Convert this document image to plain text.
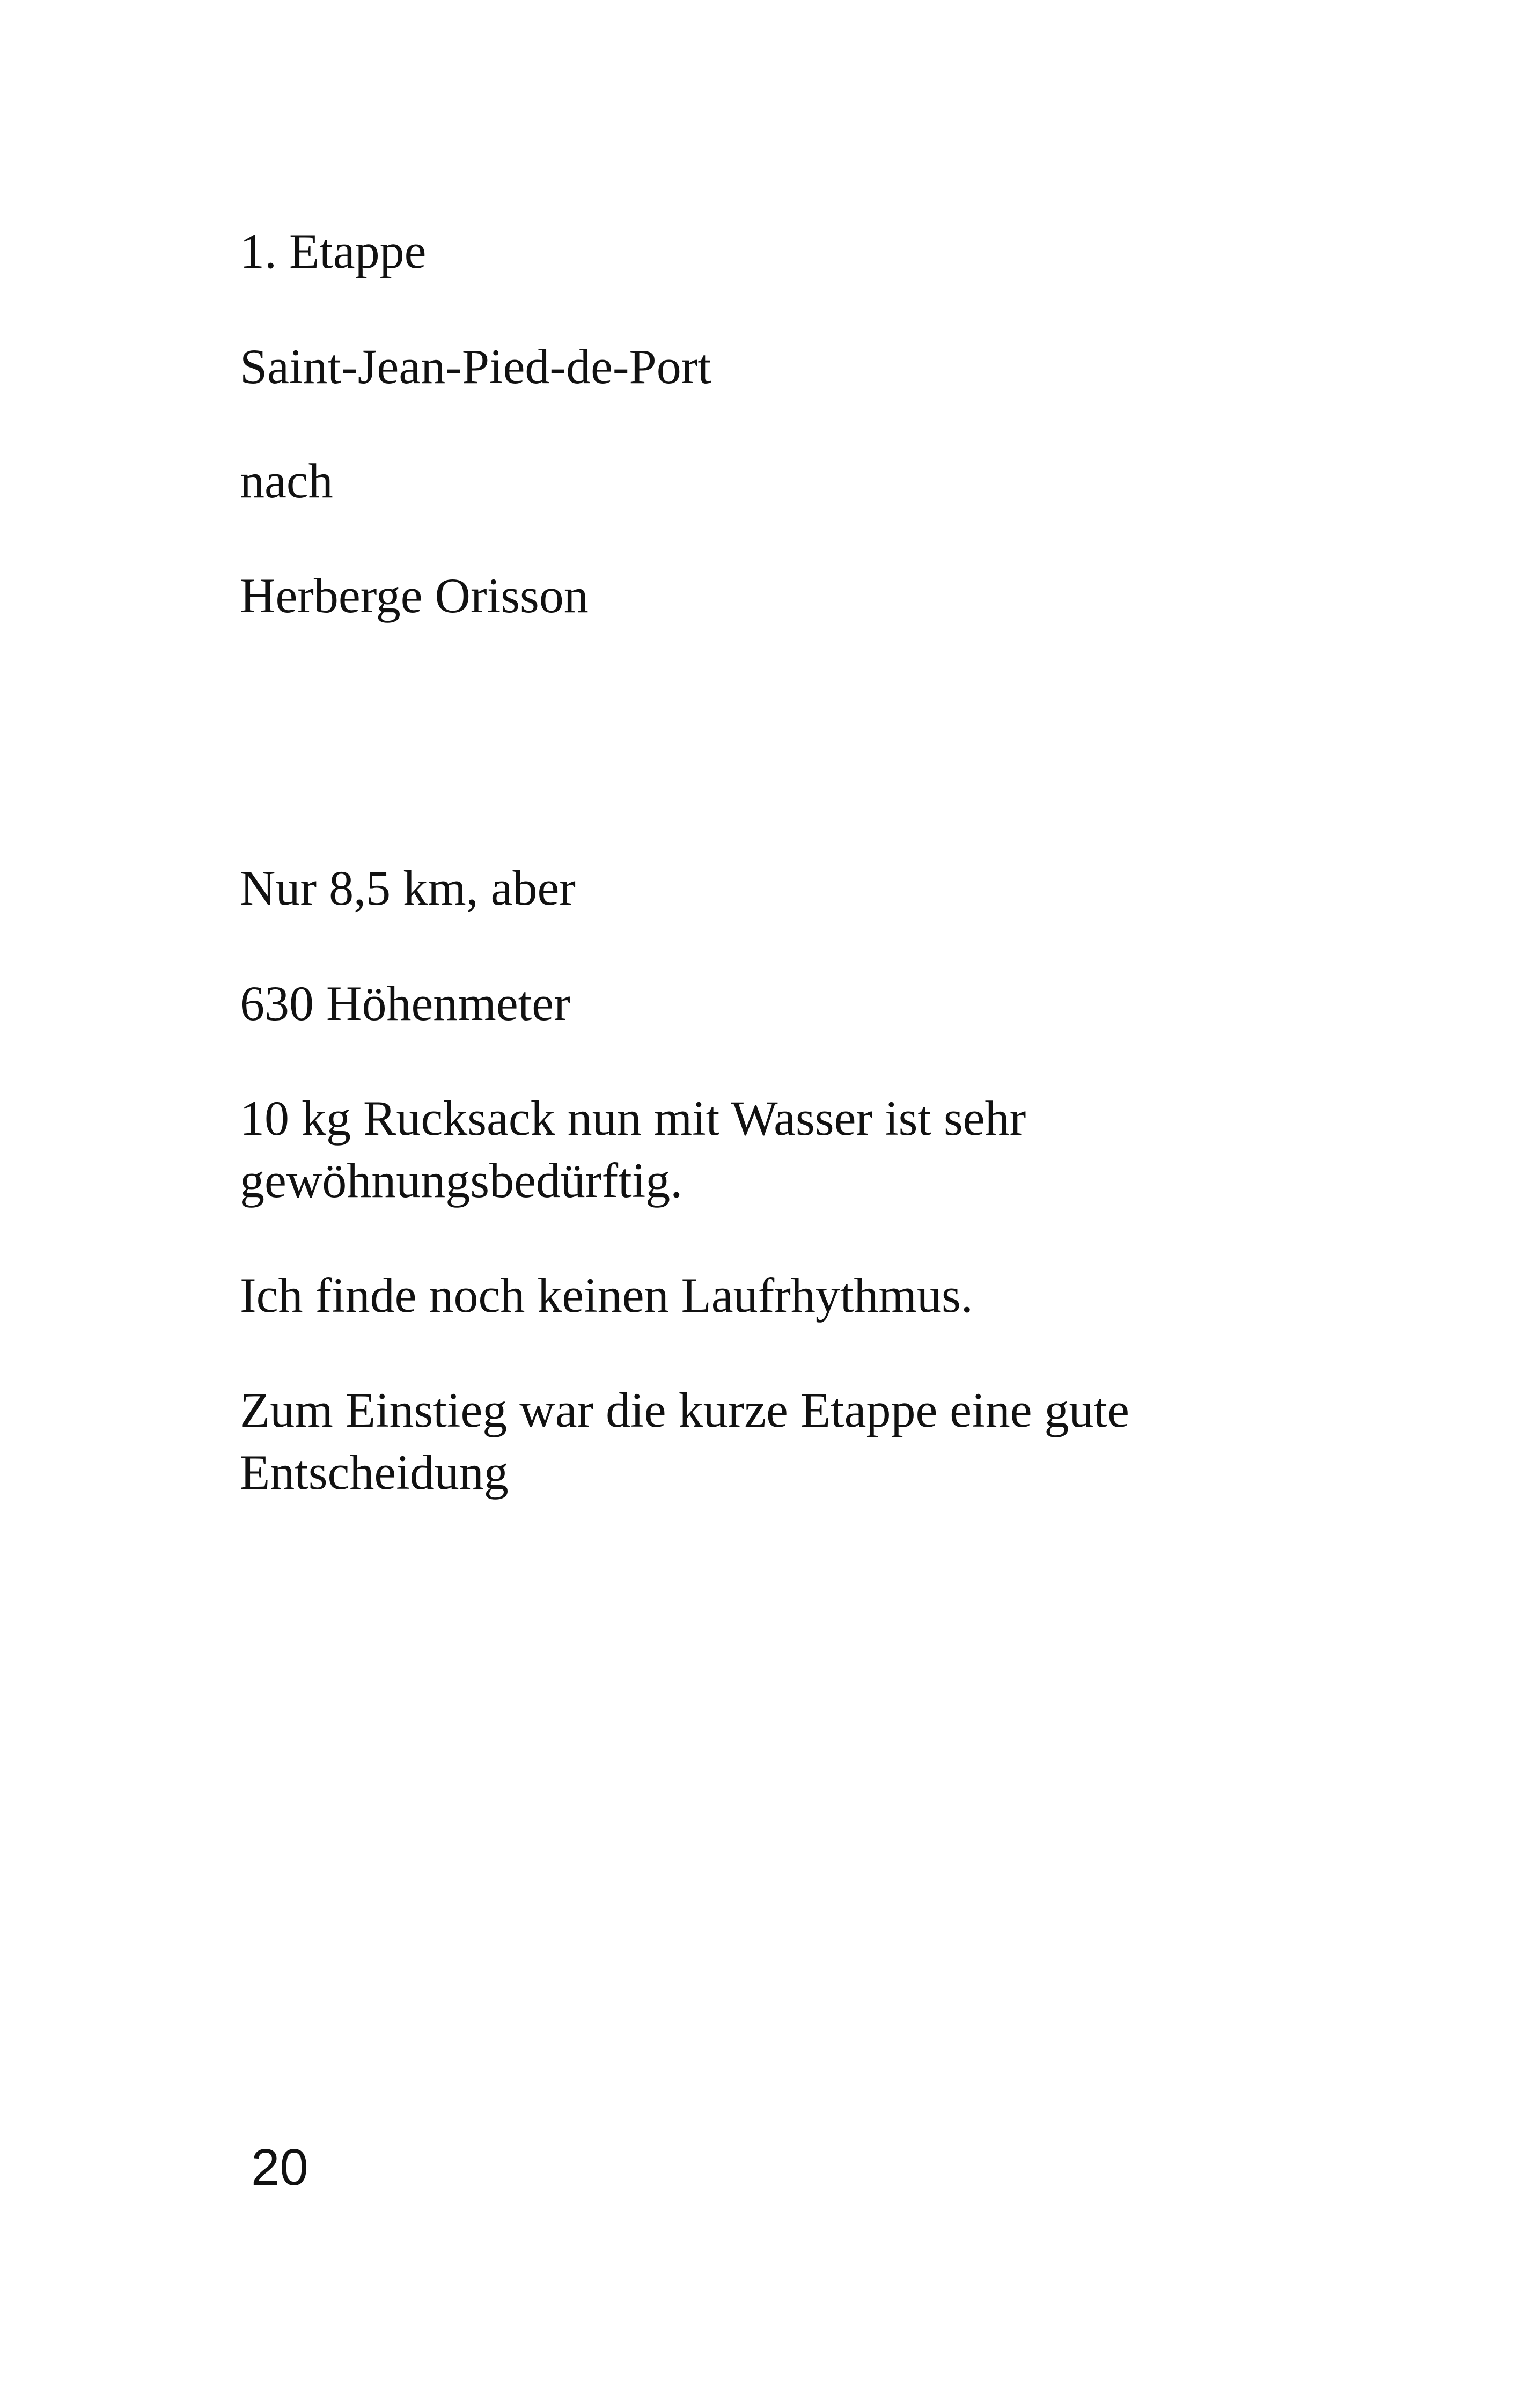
1. Etappe

Saint-Jean-Pied-de-Port

nach

Herberge Orisson

Nur 8,5 km, aber

630 Höhenmeter

10 kg Rucksack nun mit Wasser ist sehr gewöhnungsbedürftig.

Ich finde noch keinen Laufrhythmus.

Zum Einstieg war die kurze Etappe eine gute Entscheidung

20
